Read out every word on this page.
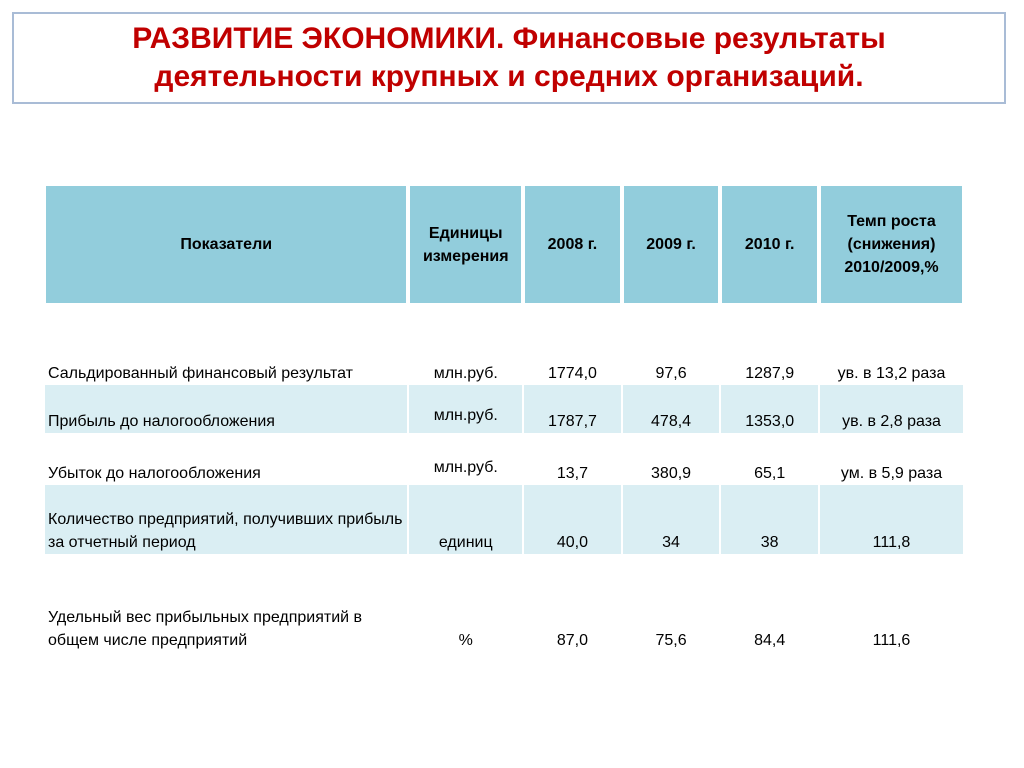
РАЗВИТИЕ ЭКОНОМИКИ. Финансовые результаты
деятельности крупных и средних организаций.
Показатели	Единицы измерения	2008 г.	2009 г.	2010 г.	Темп роста (снижения) 2010/2009,%
Сальдированный финансовый результат	млн.руб.	1774,0	97,6	1287,9	ув. в 13,2 раза
Прибыль до налогообложения	млн.руб.	1787,7	478,4	1353,0	ув. в 2,8 раза
Убыток до налогообложения	млн.руб.	13,7	380,9	65,1	ум. в 5,9 раза
Количество предприятий, получивших прибыль за отчетный период	единиц	40,0	34	38	111,8
Удельный вес прибыльных предприятий в общем числе предприятий	%	87,0	75,6	84,4	111,6
